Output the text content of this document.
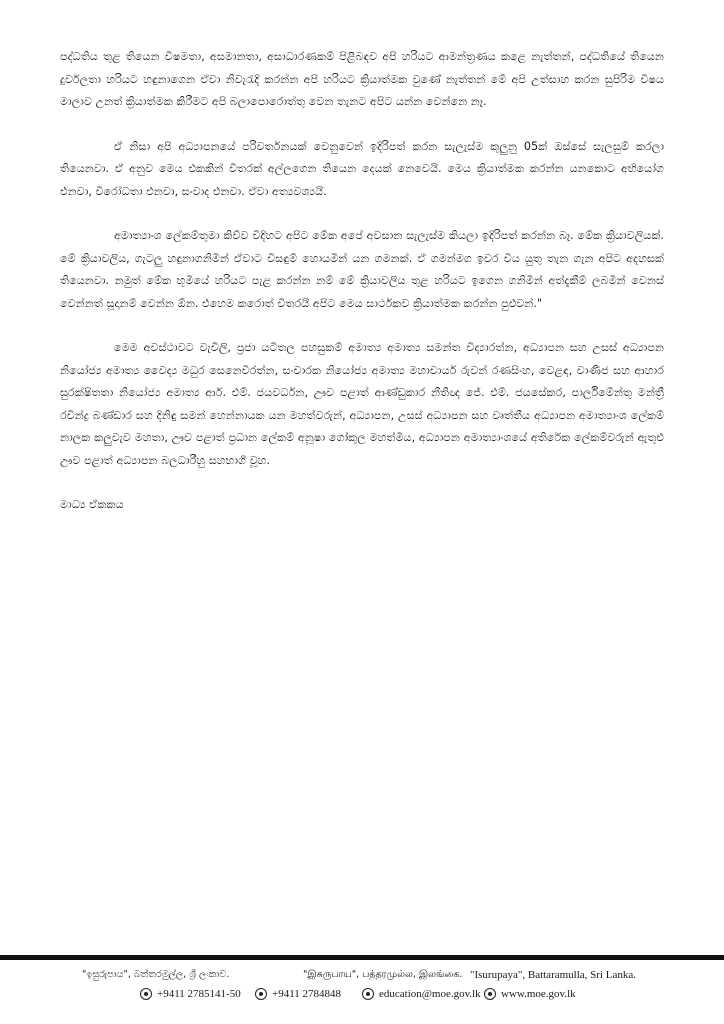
පද්ධතිය තුළ තියෙන විෂමතා, අසමානතා, අසාධාරණකම් පිළිබඳව අපි හරියට ආමන්ත්‍රණය කළෙ නැත්තන්, පද්ධතියේ තියෙන දුර්වලතා හරියට හඳුනාගෙන ඒවා නිවැරැදි කරන්න අපි හරියට ක්‍රියාත්මක වුණේ නැත්තන් මේ අපි උත්සාහ කරන සුපිරිම විෂය මාලාව උනත් ක්‍රියාත්මක කිරීමට අපි බලාපොරොත්තු වෙන තැනට අපිට යන්න වෙන්නෙ නෑ.

ඒ නිසා අපි අධ්‍යාපනයේ පරිවර්තනයක් වෙනුවෙන් ඉදිරිපත් කරන සැලැස්ම කුලුනු 05ක් ඔස්සේ සැලසුම් කරලා තියෙනවා. ඒ අනුව මෙය එකකින් විතරක් අල්ලගෙන තියෙන දෙයක් නෙවෙයි. මෙය ක්‍රියාත්මක කරන්න යනකොට අභියෝග එනවා, විරෝධතා එනවා, සංවාද එනවා. ඒවා අත්‍යවශ්‍යයි.

අමාත්‍යාංශ ලේකම්තුමා කිව්ව විදිහට අපිට මේක අපේ අවසාන සැලැස්ම කියලා ඉදිරිපත් කරන්න බෑ. මේක ක්‍රියාවලියක්. මේ ක්‍රියාවලිය, ගැටලු හඳුනාගනිමින් ඒවාට විසඳුම් හොයමින් යන ගමනක්. ඒ ගමන්මග ඉවර විය යුතු තැන ගැන අපිට අදහසක් තියෙනවා. නමුත් මේක භූමියේ හරියට පැළ කරන්න නම් මේ ක්‍රියාවලිය තුළ හරියට ඉගෙන ගනිමින් අත්දැකීම් ලබමින් වෙනස් වෙන්නත් සූදානම් වෙන්න ඕන. එහෙම කරොත් විතරයි අපිට මෙය සාර්ථකව ක්‍රියාත්මක කරන්න පුළුවන්."

මෙම අවස්ථාවට වැවිලි, ප්‍රජා යටිතල පහසුකම් අමාත්‍ය අමාත්‍ය සමන්ත විද්‍යාරත්න, අධ්‍යාපන සහ උසස් අධ්‍යාපන නියෝජ්‍ය අමාත්‍ය වෛද්‍ය මධුර සෙනෙවිරත්න, සංචාරක නියෝජ්‍ය අමාත්‍ය මහාචාර්ය රුවන් රණසිංහ, වෙළඳ, වාණිජ සහ ආහාර සුරක්ෂිතතා නියෝජ්‍ය අමාත්‍ය ආර්. එම්. ජයවර්ධන, ඌව පළාත් ආණ්ඩුකාර නීතිඥ ජේ. එම්. ජයසේකර, පාර්ලිමේන්තු මන්ත්‍රී රවින්ද්‍ර බණ්ඩාර සහ දිනිඳු සමන් හෙන්නායක යන මහත්වරුන්, අධ්‍යාපන, උසස් අධ්‍යාපන සහ වෘත්තීය අධ්‍යාපන අමාත්‍යාංශ ලේකම් නාලක කලුවැව මහතා, ඌව පළාත් ප්‍රධාන ලේකම් අනූෂා ගෝකුල මහත්මිය, අධ්‍යාපන අමාත්‍යාංශයේ අතිරේක ලේකම්වරුන් ඇතුළු ඌව පළාත් අධ්‍යාපන බලධාරීහු සහභාගී වූහ.

මාධ්‍ය ඒකකය

"ඉසුරුපාය", බත්තරමුල්ල, ශ්‍රී ලංකාව.	"இசுருபாய", பத்தரமுல்ல, இலங்கை. "Isurupaya", Battaramulla, Sri Lanka.
+9411 2785141-50	+9411 2784848	education@moe.gov.lk www.moe.gov.lk
